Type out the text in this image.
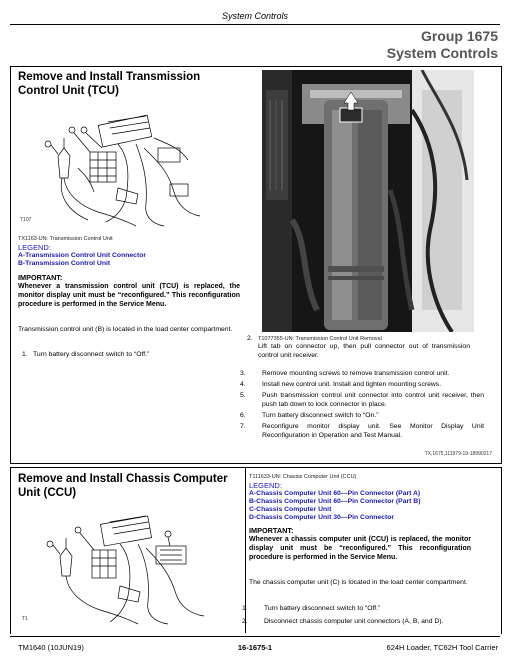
System Controls
Group 1675
System Controls
Remove and Install Transmission Control Unit (TCU)
T107
TX1163-UN: Transmission Control Unit
LEGEND:
A-Transmission Control Unit Connector
B-Transmission Control Unit
IMPORTANT:
Whenever a transmission control unit (TCU) is replaced, the monitor display unit must be “reconfigured.” This reconfiguration procedure is performed in the Service Menu.
Transmission control unit (B) is located in the load center compartment.
1. Turn battery disconnect switch to “Off.”
2. T1077355-UN: Transmission Control Unit Removal
Lift tab on connector up, then pull connector out of transmission control unit receiver.
3. Remove mounting screws to remove transmission control unit.
4. Install new control unit. Install and tighten mounting screws.
5. Push transmission control unit connector into control unit receiver, then push tab down to lock connector in place.
6. Turn battery disconnect switch to “On.”
7. Reconfigure monitor display unit. See Monitor Display Unit Reconfiguration in Operation and Test Manual.
TX,1675,111979-19-18990217
Remove and Install Chassis Computer Unit (CCU)
T1
T111633-UN: Chassis Computer Unit (CCU)
LEGEND:
A-Chassis Computer Unit 60—Pin Connector (Part A)
B-Chassis Computer Unit 60—Pin Connector (Part B)
C-Chassis Computer Unit
D-Chassis Computer Unit 30—Pin Connector
IMPORTANT:
Whenever a chassis computer unit (CCU) is replaced, the monitor display unit must be “reconfigured.” This reconfiguration procedure is performed in the Service Menu.
The chassis computer unit (C) is located in the load center compartment.
1. Turn battery disconnect switch to “Off.”
2. Disconnect chassis computer unit connectors (A, B, and D).
TM1640 (10JUN19)	16-1675-1	624H Loader, TC62H Tool Carrier
